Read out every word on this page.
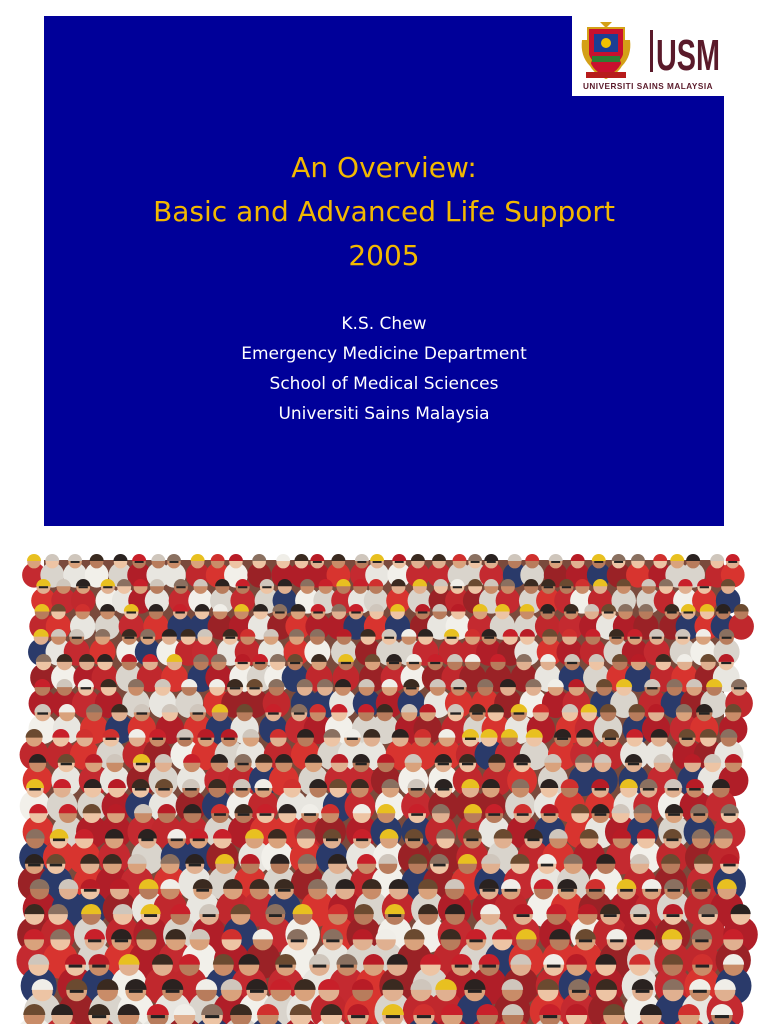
USM
UNIVERSITI SAINS MALAYSIA
An Overview:
Basic and Advanced Life Support
2005
K.S. Chew
Emergency Medicine Department
School of Medical Sciences
Universiti Sains Malaysia
